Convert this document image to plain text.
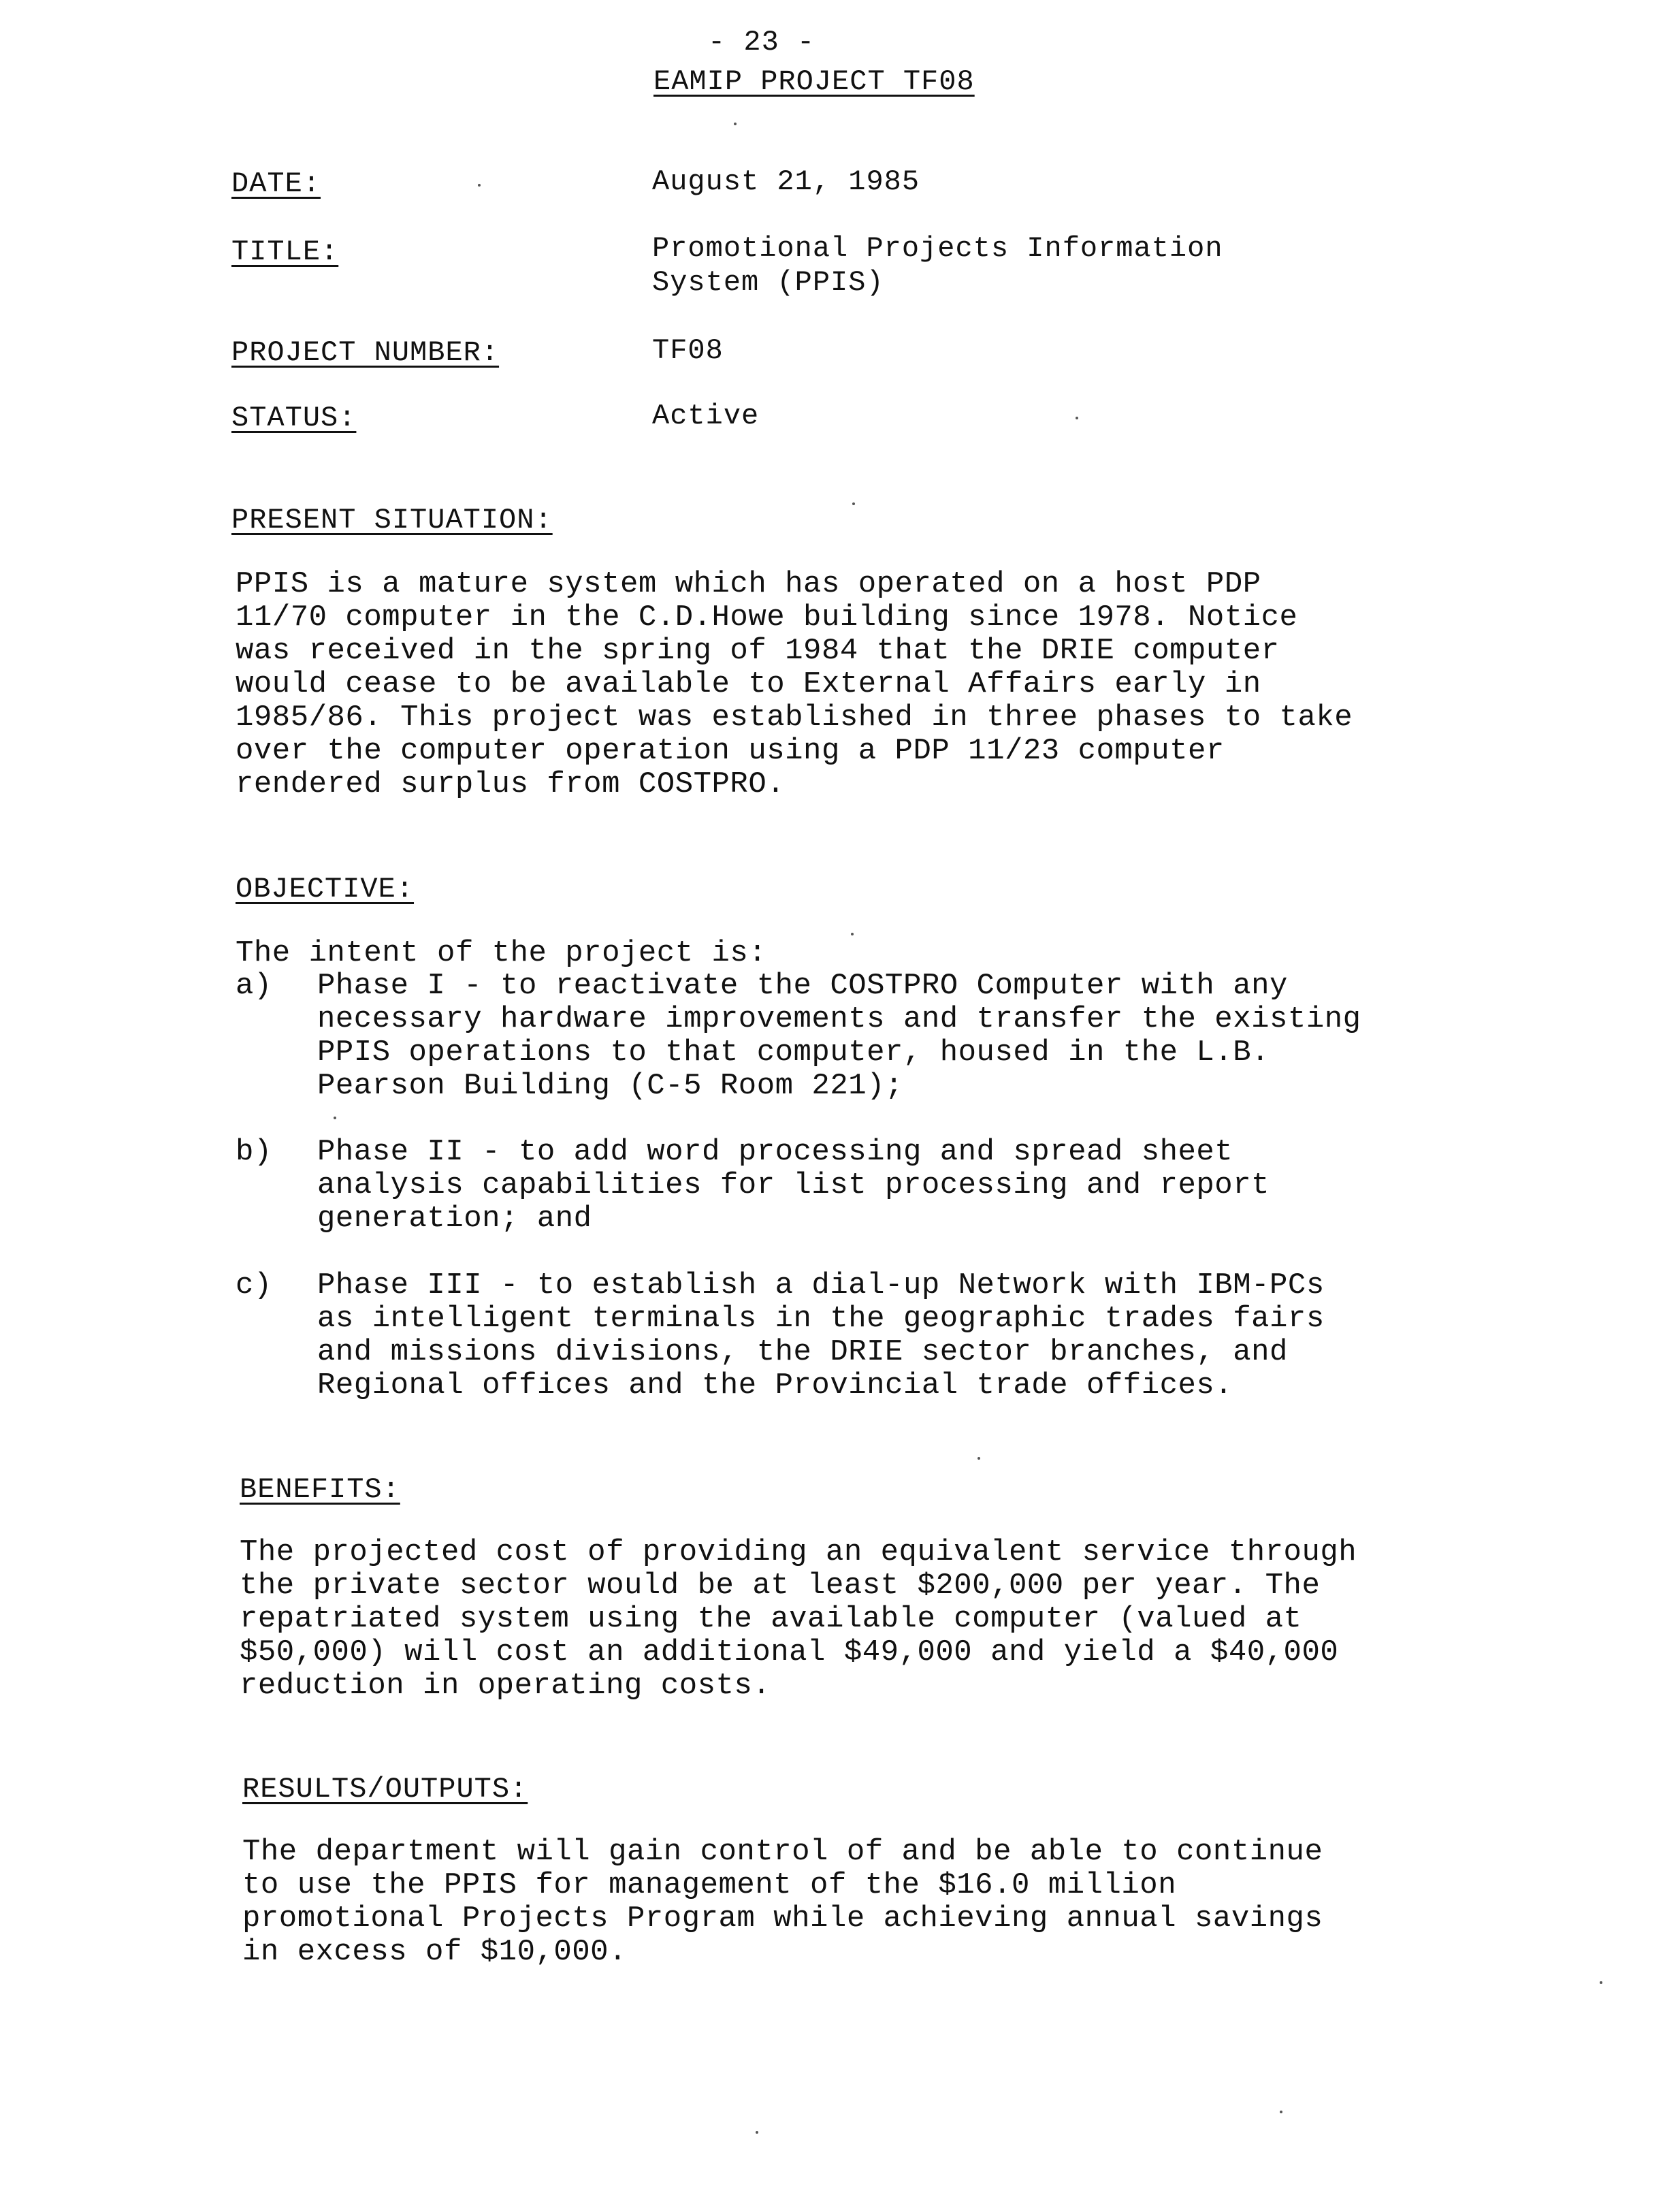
- 23 -
EAMIP PROJECT TF08
DATE:	August 21, 1985
TITLE:	Promotional Projects Information
System (PPIS)
PROJECT NUMBER:	TF08
STATUS:	Active
PRESENT SITUATION:
PPIS is a mature system which has operated on a host PDP
11/70 computer in the C.D.Howe building since 1978. Notice
was received in the spring of 1984 that the DRIE computer
would cease to be available to External Affairs early in
1985/86. This project was established in three phases to take
over the computer operation using a PDP 11/23 computer
rendered surplus from COSTPRO.
OBJECTIVE:
The intent of the project is:
a) Phase I - to reactivate the COSTPRO Computer with any
necessary hardware improvements and transfer the existing
PPIS operations to that computer, housed in the L.B.
Pearson Building (C-5 Room 221);
b) Phase II - to add word processing and spread sheet
analysis capabilities for list processing and report
generation; and
c) Phase III - to establish a dial-up Network with IBM-PCs
as intelligent terminals in the geographic trades fairs
and missions divisions, the DRIE sector branches, and
Regional offices and the Provincial trade offices.
BENEFITS:
The projected cost of providing an equivalent service through
the private sector would be at least $200,000 per year. The
repatriated system using the available computer (valued at
$50,000) will cost an additional $49,000 and yield a $40,000
reduction in operating costs.
RESULTS/OUTPUTS:
The department will gain control of and be able to continue
to use the PPIS for management of the $16.0 million
promotional Projects Program while achieving annual savings
in excess of $10,000.
